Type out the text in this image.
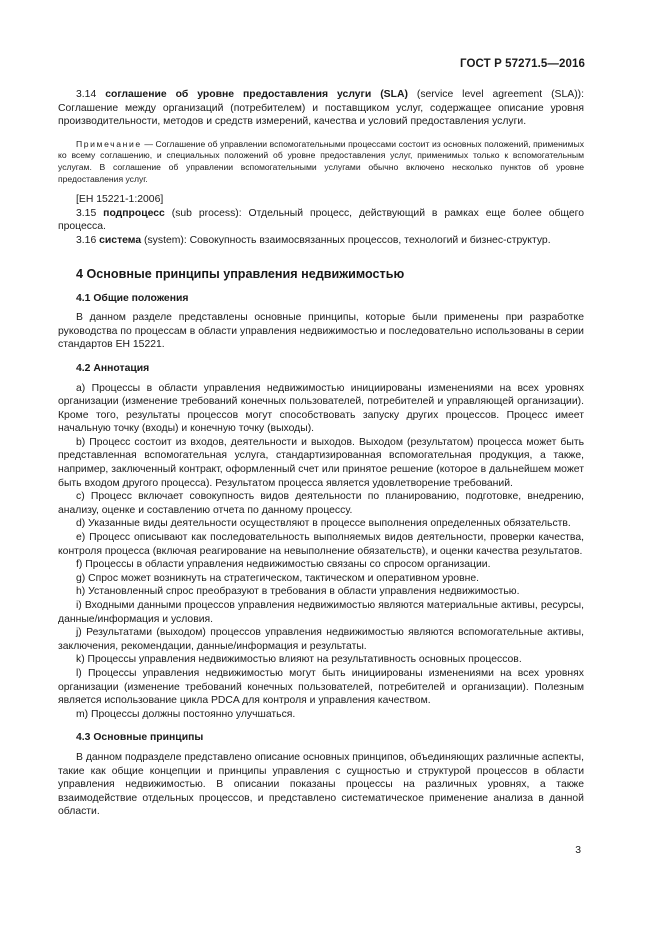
ГОСТ Р 57271.5—2016

3.14 соглашение об уровне предоставления услуги (SLA) (service level agreement (SLA)): Соглашение между организаций (потребителем) и поставщиком услуг, содержащее описание уровня производительности, методов и средств измерений, качества и условий предоставления услуги.

Примечание — Соглашение об управлении вспомогательными процессами состоит из основных положений, применимых ко всему соглашению, и специальных положений об уровне предоставления услуг, применимых только к вспомогательным услугам. В соглашение об управлении вспомогательными услугами обычно включено несколько пунктов об уровне предоставления услуг.

[ЕН 15221-1:2006]

3.15 подпроцесс (sub process): Отдельный процесс, действующий в рамках еще более общего процесса.

3.16 система (system): Совокупность взаимосвязанных процессов, технологий и бизнес-структур.

4 Основные принципы управления недвижимостью
4.1 Общие положения

В данном разделе представлены основные принципы, которые были применены при разработке руководства по процессам в области управления недвижимостью и последовательно использованы в серии стандартов ЕН 15221.

4.2 Аннотация

а) Процессы в области управления недвижимостью инициированы изменениями на всех уровнях организации (изменение требований конечных пользователей, потребителей и управляющей организации). Кроме того, результаты процессов могут способствовать запуску других процессов. Процесс имеет начальную точку (входы) и конечную точку (выходы).

b) Процесс состоит из входов, деятельности и выходов. Выходом (результатом) процесса может быть представленная вспомогательная услуга, стандартизированная вспомогательная продукция, а также, например, заключенный контракт, оформленный счет или принятое решение (которое в дальнейшем может быть входом другого процесса). Результатом процесса является удовлетворение требований.

с) Процесс включает совокупность видов деятельности по планированию, подготовке, внедрению, анализу, оценке и составлению отчета по данному процессу.

d) Указанные виды деятельности осуществляют в процессе выполнения определенных обязательств.

е) Процесс описывают как последовательность выполняемых видов деятельности, проверки качества, контроля процесса (включая реагирование на невыполнение обязательств), и оценки качества результатов.

f) Процессы в области управления недвижимостью связаны со спросом организации.

g) Спрос может возникнуть на стратегическом, тактическом и оперативном уровне.

h) Установленный спрос преобразуют в требования в области управления недвижимостью.

i) Входными данными процессов управления недвижимостью являются материальные активы, ресурсы, данные/информация и условия.

j) Результатами (выходом) процессов управления недвижимостью являются вспомогательные активы, заключения, рекомендации, данные/информация и результаты.

k) Процессы управления недвижимостью влияют на результативность основных процессов.

l) Процессы управления недвижимостью могут быть инициированы изменениями на всех уровнях организации (изменение требований конечных пользователей, потребителей и организации). Полезным является использование цикла PDCA для контроля и управления качеством.

m) Процессы должны постоянно улучшаться.

4.3 Основные принципы

В данном подразделе представлено описание основных принципов, объединяющих различные аспекты, такие как общие концепции и принципы управления с сущностью и структурой процессов в области управления недвижимостью. В описании показаны процессы на различных уровнях, а также взаимодействие отдельных процессов, и представлено систематическое применение анализа в данной области.

3
